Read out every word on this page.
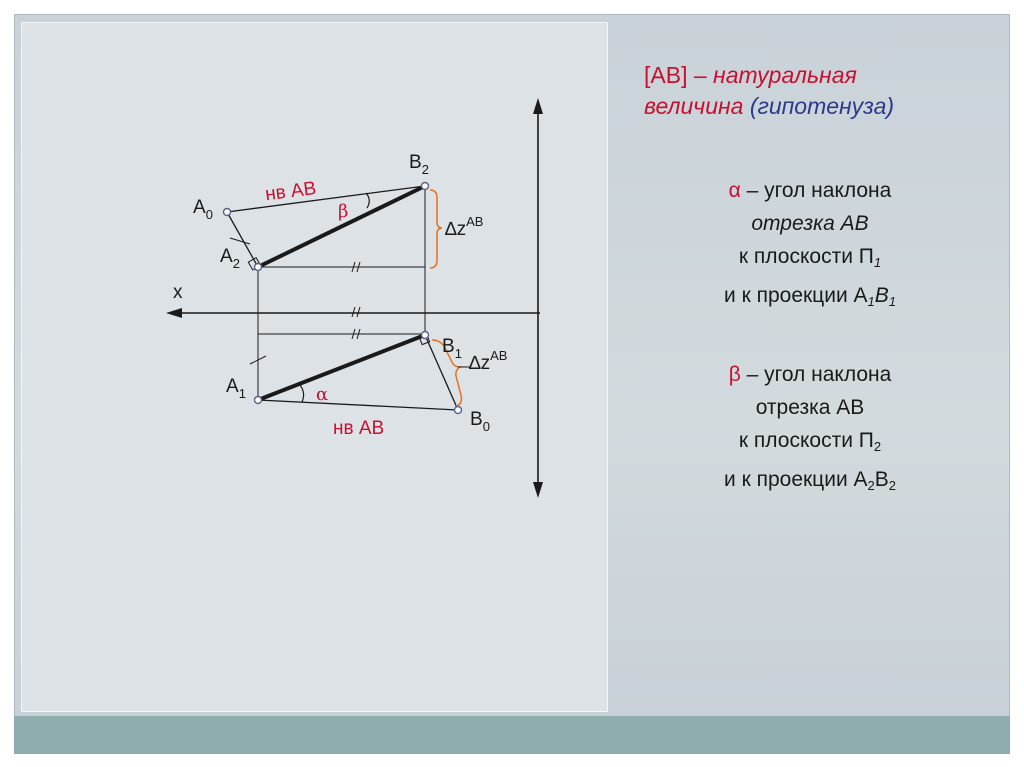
x
$A_0$
$A_2$
$B_2$
$A_1$
$B_1$
$B_0$
нв AB
нв AB
β
α
$\Delta z^{AB}$
$\Delta z^{AB}$
[AB] – натуральная
величина (гипотенуза)
α – угол наклона
отрезка AB
к плоскости $П_1$
и к проекции $A_1B_1$
β – угол наклона
отрезка AB
к плоскости $П_2$
и к проекции $A_2B_2$
